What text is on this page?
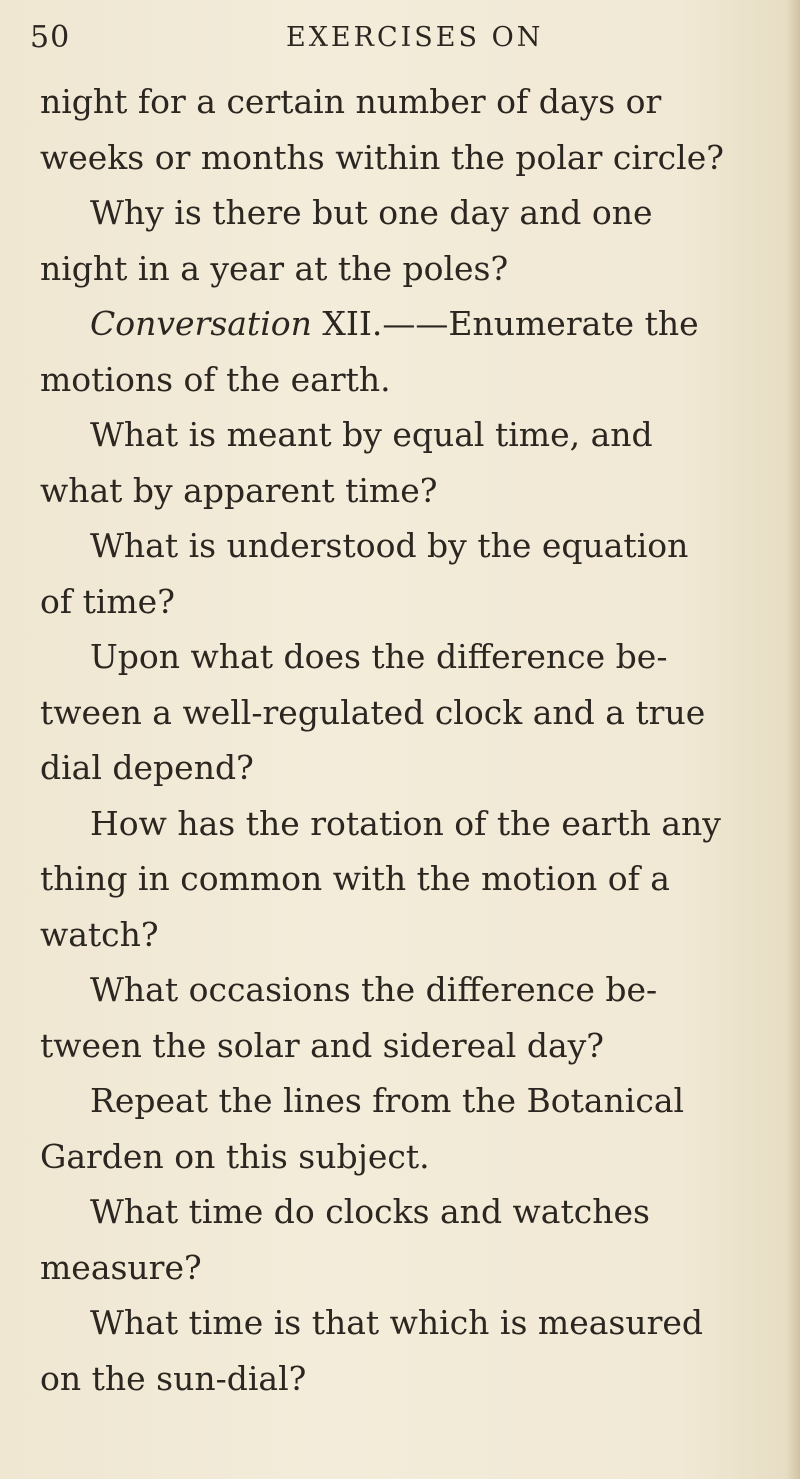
50	EXERCISES ON
night for a certain number of days or
weeks or months within the polar circle?
Why is there but one day and one
night in a year at the poles?
Conversation XII.——Enumerate the
motions of the earth.
What is meant by equal time, and
what by apparent time?
What is understood by the equation
of time?
Upon what does the difference be-
tween a well-regulated clock and a true
dial depend?
How has the rotation of the earth any
thing in common with the motion of a
watch?
What occasions the difference be-
tween the solar and sidereal day?
Repeat the lines from the Botanical
Garden on this subject.
What time do clocks and watches
measure?
What time is that which is measured
on the sun-dial?
